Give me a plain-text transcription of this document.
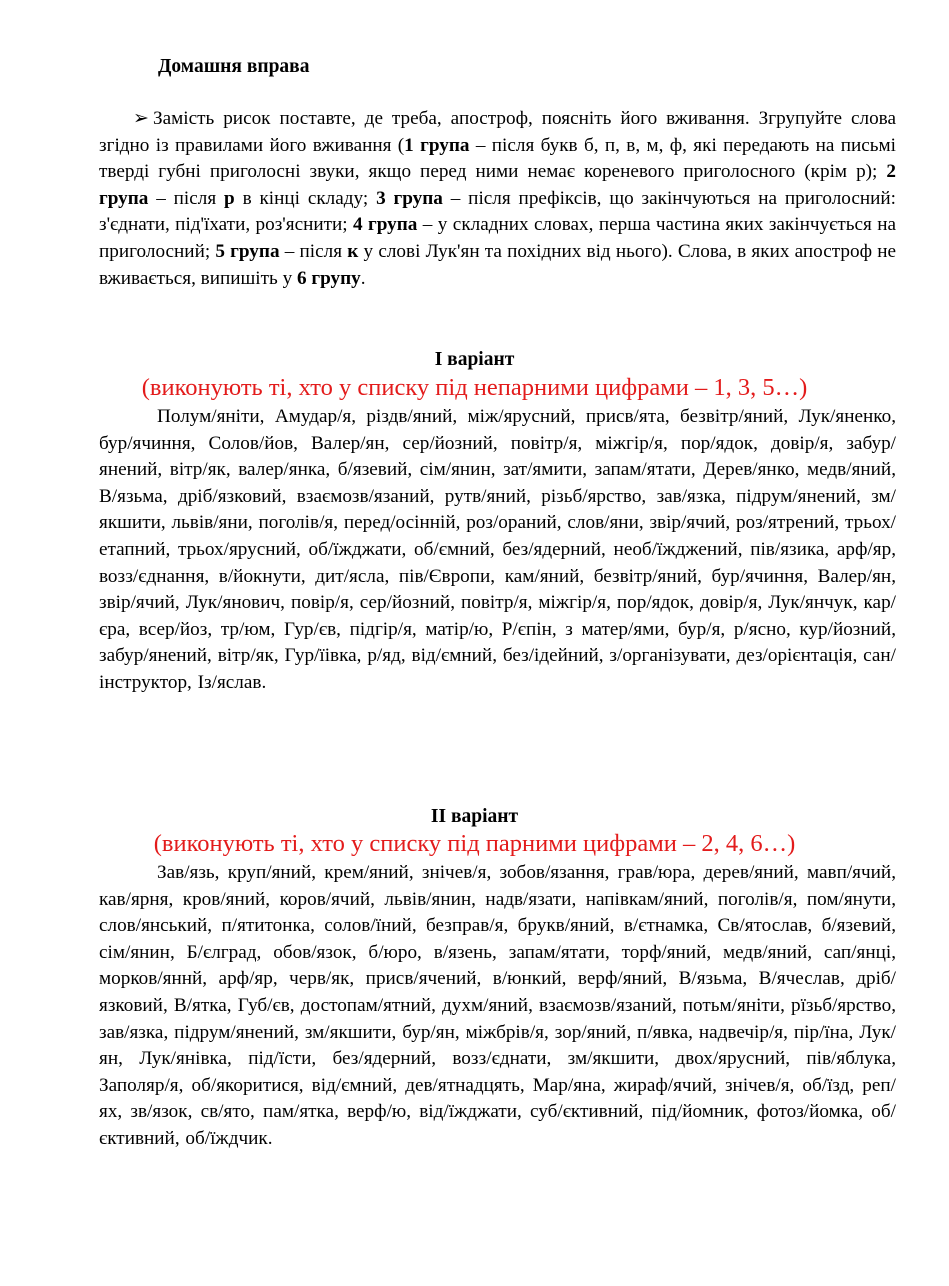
Домашня вправа
➢ Замість рисок поставте, де треба, апостроф, поясніть його вживання. Згрупуйте слова згідно із правилами його вживання (1 група – після букв б, п, в, м, ф, які передають на письмі тверді губні приголосні звуки, якщо перед ними немає кореневого приголосного (крім р); 2 група – після р в кінці складу; 3 група – після префіксів, що закінчуються на приголосний: з'єднати, під'їхати, роз'яснити; 4 група – у складних словах, перша частина яких закінчується на приголосний; 5 група – після к у слові Лук'ян та похідних від нього). Слова, в яких апостроф не вживається, випишіть у 6 групу.
І варіант
(виконують ті, хто у списку під непарними цифрами – 1, 3, 5…)
Полум/яніти, Амудар/я, різдв/яний, між/ярусний, присв/ята, безвітр/яний, Лук/яненко, бур/ячиння, Солов/йов, Валер/ян, сер/йозний, повітр/я, міжгір/я, пор/ядок, довір/я, забур/янений, вітр/як, валер/янка, б/язевий, сім/янин, зат/ямити, запам/ятати, Дерев/янко, медв/яний, В/язьма, дріб/язковий, взаємозв/язаний, рутв/яний, різьб/ярство, зав/язка, підрум/янений, зм/якшити, львів/яни, поголів/я, перед/осінній, роз/ораний, слов/яни, звір/ячий, роз/ятрений, трьох/етапний, трьох/ярусний, об/їжджати, об/ємний, без/ядерний, необ/їжджений, пів/язика, арф/яр, возз/єднання, в/йокнути, дит/ясла, пів/Європи, кам/яний, безвітр/яний, бур/ячиння, Валер/ян, звір/ячий, Лук/янович, повір/я, сер/йозний, повітр/я, міжгір/я, пор/ядок, довір/я, Лук/янчук, кар/єра, всер/йоз, тр/юм, Гур/єв, підгір/я, матір/ю, Р/єпін, з матер/ями, бур/я, р/ясно, кур/йозний, забур/янений, вітр/як, Гур/їівка, р/яд, від/ємний, без/ідейний, з/організувати, дез/орієнтація, сан/інструктор, Із/яслав.
ІІ варіант
(виконують ті, хто у списку під парними цифрами – 2, 4, 6…)
Зав/язь, круп/яний, крем/яний, знічев/я, зобов/язання, грав/юра, дерев/яний, мавп/ячий, кав/ярня, кров/яний, коров/ячий, львів/янин, надв/язати, напівкам/яний, поголів/я, пом/янути, слов/янський, п/ятитонка, солов/їний, безправ/я, брукв/яний, в/єтнамка, Св/ятослав, б/язевий, сім/янин, Б/єлград, обов/язок, б/юро, в/язень, запам/ятати, торф/яний, медв/яний, сап/янці, морков/яннй, арф/яр, черв/як, присв/ячений, в/юнкий, верф/яний, В/язьма, В/ячеслав, дріб/язковий, В/ятка, Губ/єв, достопам/ятний, духм/яний, взаємозв/язаний, потьм/яніти, рїзьб/ярство, зав/язка, підрум/янений, зм/якшити, бур/ян, міжбрів/я, зор/яний, п/явка, надвечір/я, пір/їна, Лук/ян, Лук/янівка, під/їсти, без/ядерний, возз/єднати, зм/якшити, двох/ярусний, пів/яблука, Заполяр/я, об/якоритися, від/ємний, дев/ятнадцять, Мар/яна, жираф/ячий, знічев/я, об/їзд, реп/ях, зв/язок, св/ято, пам/ятка, верф/ю, від/їжджати, суб/єктивний, під/йомник, фотоз/йомка, об/єктивний, об/їждчик.
